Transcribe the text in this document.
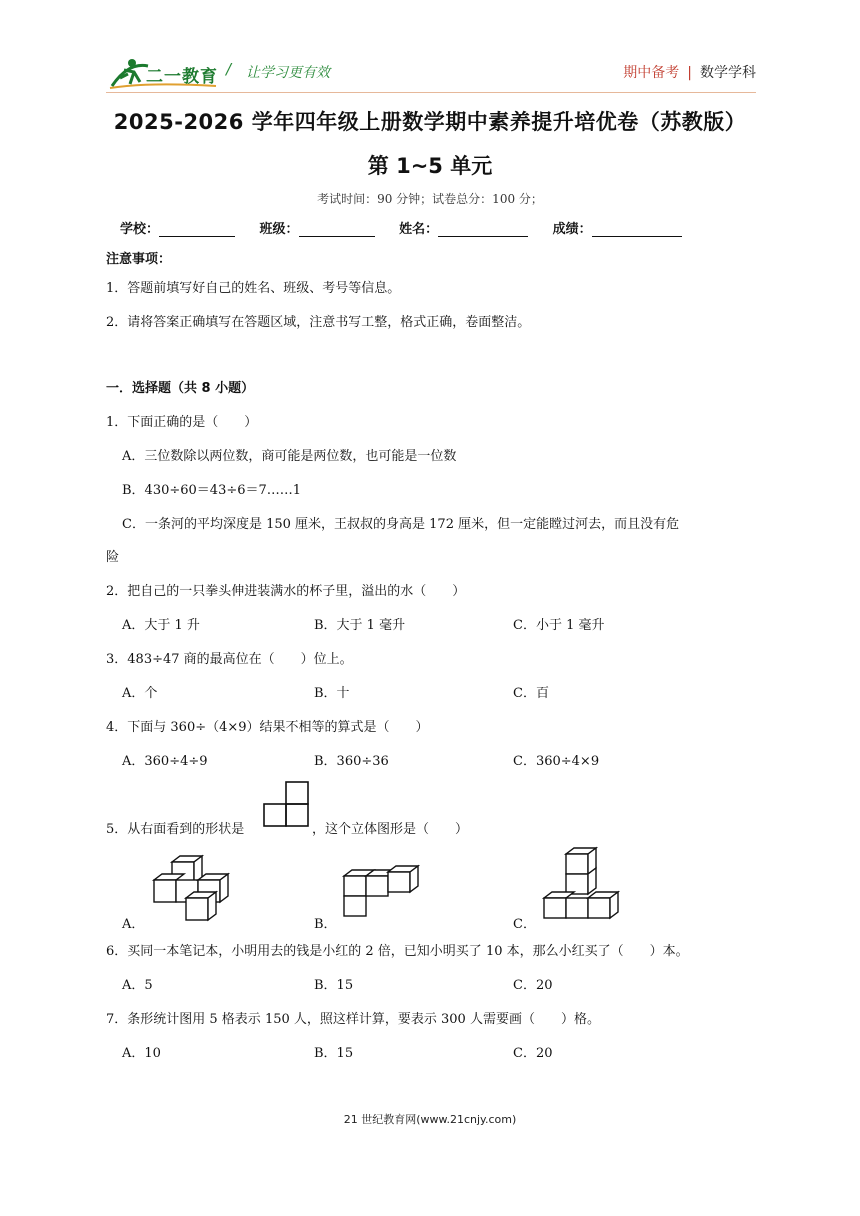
二一教育 / 让学习更有效	期中备考 | 数学学科
2025-2026 学年四年级上册数学期中素养提升培优卷（苏教版）
第 1~5 单元
考试时间：90 分钟；试卷总分：100 分；
学校：	班级：	姓名：	成绩：
注意事项：
1．答题前填写好自己的姓名、班级、考号等信息。
2．请将答案正确填写在答题区域，注意书写工整，格式正确，卷面整洁。
一．选择题（共 8 小题）
1．下面正确的是（　　）
A．三位数除以两位数，商可能是两位数，也可能是一位数
B．430÷60＝43÷6＝7……1
C．一条河的平均深度是 150 厘米，王叔叔的身高是 172 厘米，但一定能瞠过河去，而且没有危
险
2．把自己的一只拳头伸进装满水的杯子里，溢出的水（　　）
A．大于 1 升	B．大于 1 毫升	C．小于 1 毫升
3．483÷47 商的最高位在（　　）位上。
A．个	B．十	C．百
4．下面与 360÷（4×9）结果不相等的算式是（　　）
A．360÷4÷9	B．360÷36	C．360÷4×9
5．从右面看到的形状是	，这个立体图形是（　　）
A．	B．	C．
6．买同一本笔记本，小明用去的钱是小红的 2 倍，已知小明买了 10 本，那么小红买了（　　）本。
A．5	B．15	C．20
7．条形统计图用 5 格表示 150 人，照这样计算，要表示 300 人需要画（　　）格。
A．10	B．15	C．20
21 世纪教育网(www.21cnjy.com)
